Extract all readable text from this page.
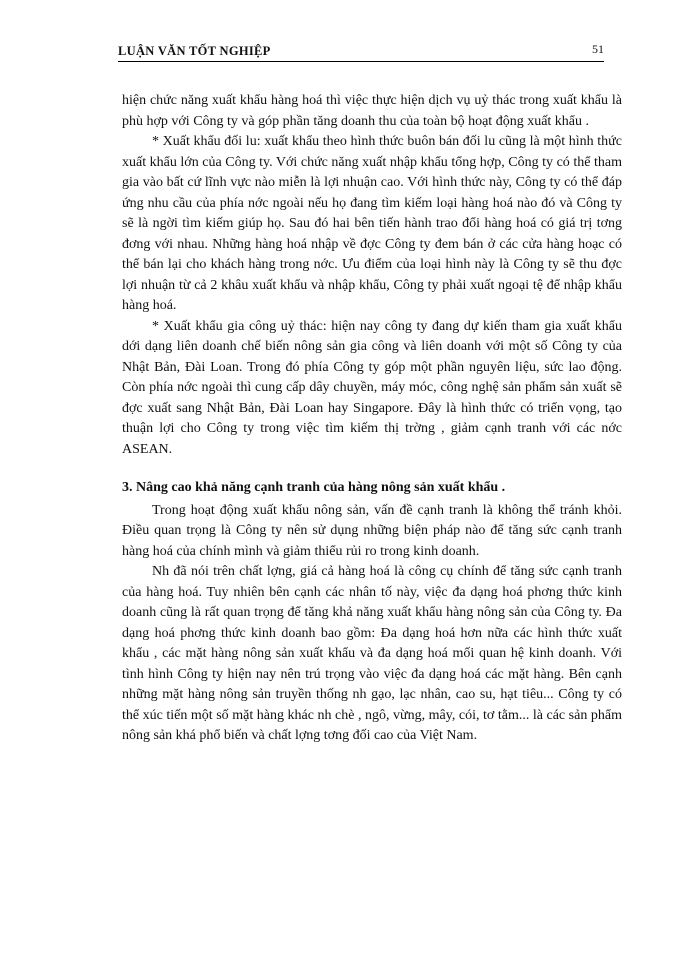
LUẬN VĂN TỐT NGHIỆP	51

hiện chức năng xuất khẩu hàng hoá thì việc thực hiện dịch vụ uỷ thác trong xuất khẩu là phù hợp với Công ty và góp phần tăng doanh thu của toàn bộ hoạt động xuất khẩu .

* Xuất khẩu đối lu: xuất khẩu theo hình thức buôn bán đối lu cũng là một hình thức xuất khẩu lớn của Công ty. Với chức năng xuất nhập khẩu tổng hợp, Công ty có thể tham gia vào bất cứ lĩnh vực nào miễn là lợi nhuận cao. Với hình thức này, Công ty có thể đáp ứng nhu cầu của phía nớc ngoài nếu họ đang tìm kiếm loại hàng hoá nào đó và Công ty sẽ là ngời tìm kiếm giúp họ. Sau đó hai bên tiến hành trao đổi hàng hoá có giá trị tơng đơng với nhau. Những hàng hoá nhập về đợc Công ty đem bán ở các cửa hàng hoạc có thể bán lại cho khách hàng trong nớc. Ưu điểm của loại hình này là Công ty sẽ thu đợc lợi nhuận từ cả 2 khâu xuất khẩu và nhập khẩu, Công ty phải xuất ngoại tệ để nhập khẩu hàng hoá.

* Xuất khẩu gia công uỷ thác: hiện nay công ty đang dự kiến tham gia xuất khẩu dới dạng liên doanh chế biến nông sản gia công và liên doanh với một số Công ty của Nhật Bản, Đài Loan. Trong đó phía Công ty góp một phần nguyên liệu, sức lao động. Còn phía nớc ngoài thì cung cấp dây chuyền, máy móc, công nghệ sản phẩm sản xuất sẽ đợc xuất sang Nhật Bản, Đài Loan hay Singapore. Đây là hình thức có triển vọng, tạo thuận lợi cho Công ty trong việc tìm kiếm thị trờng , giảm cạnh tranh với các nớc ASEAN.

3. Nâng cao khả năng cạnh tranh của hàng nông sản xuất khẩu .

Trong hoạt động xuất khẩu nông sản, vấn đề cạnh tranh là không thể tránh khỏi. Điều quan trọng là Công ty nên sử dụng những biện pháp nào để tăng sức cạnh tranh hàng hoá của chính mình và giảm thiểu rủi ro trong kinh doanh.

Nh đã nói trên chất lợng, giá cả hàng hoá là công cụ chính để tăng sức cạnh tranh của hàng hoá. Tuy nhiên bên cạnh các nhân tố này, việc đa dạng hoá phơng thức kinh doanh cũng là rất quan trọng để tăng khả năng xuất khẩu hàng nông sản của Công ty. Đa dạng hoá phơng thức kinh doanh bao gồm: Đa dạng hoá hơn nữa các hình thức xuất khẩu , các mặt hàng nông sản xuất khẩu và đa dạng hoá mối quan hệ kinh doanh. Với tình hình Công ty hiện nay nên trú trọng vào việc đa dạng hoá các mặt hàng. Bên cạnh những mặt hàng nông sản truyền thống nh gạo, lạc nhân, cao su, hạt tiêu... Công ty có thể xúc tiến một số mặt hàng khác nh chè , ngô, vừng, mây, cói, tơ tằm... là các sản phẩm nông sản khá phổ biến và chất lợng tơng đối cao của Việt Nam.
